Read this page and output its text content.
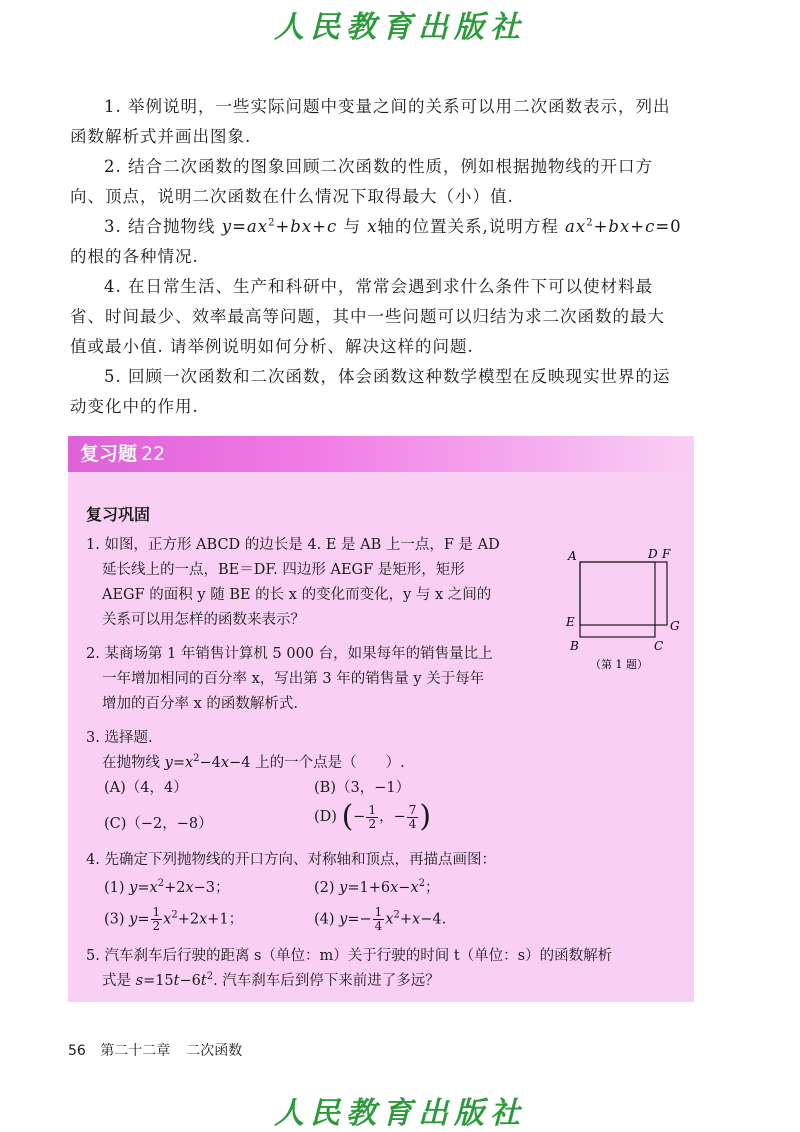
人民教育出版社

1. 举例说明，一些实际问题中变量之间的关系可以用二次函数表示，列出

函数解析式并画出图象.

2. 结合二次函数的图象回顾二次函数的性质，例如根据抛物线的开口方

向、顶点，说明二次函数在什么情况下取得最大（小）值.

3. 结合抛物线 $y=ax^2+bx+c$ 与 x轴的位置关系,说明方程 $ax^2+bx+c=0$

的根的各种情况.

4. 在日常生活、生产和科研中，常常会遇到求什么条件下可以使材料最

省、时间最少、效率最高等问题，其中一些问题可以归结为求二次函数的最大

值或最小值. 请举例说明如何分析、解决这样的问题.

5. 回顾一次函数和二次函数，体会函数这种数学模型在反映现实世界的运

动变化中的作用.

复习题 22
复习巩固
1. 如图，正方形 ABCD 的边长是 4. E 是 AB 上一点，F 是 AD
延长线上的一点，BE＝DF. 四边形 AEGF 是矩形，矩形
AEGF 的面积 y 随 BE 的长 x 的变化而变化，y 与 x 之间的
关系可以用怎样的函数来表示？
A	D F
E	G
B	C
（第 1 题）
2. 某商场第 1 年销售计算机 5 000 台，如果每年的销售量比上
一年增加相同的百分率 x，写出第 3 年的销售量 y 关于每年
增加的百分率 x 的函数解析式.
3. 选择题.
在抛物线 $y=x^2-4x-4$ 上的一个点是（　　）.
(A)（4，4）	(B)（3，−1）
(C)（−2，−8）	(D) (− $\frac{1}{2}$ ，− $\frac{7}{4}$ )
4. 先确定下列抛物线的开口方向、对称轴和顶点，再描点画图：
(1) $y=x^2+2x-3$；	(2) $y=1+6x-x^2$；
(3) $y= \frac{1}{2} x^2+2x+1$；	(4) $y=- \frac{1}{4} x^2+x-4$.
5. 汽车刹车后行驶的距离 s（单位：m）关于行驶的时间 t（单位：s）的函数解析
式是 $s=15t-6t^2$. 汽车刹车后到停下来前进了多远？
56 第二十二章 二次函数
人民教育出版社
